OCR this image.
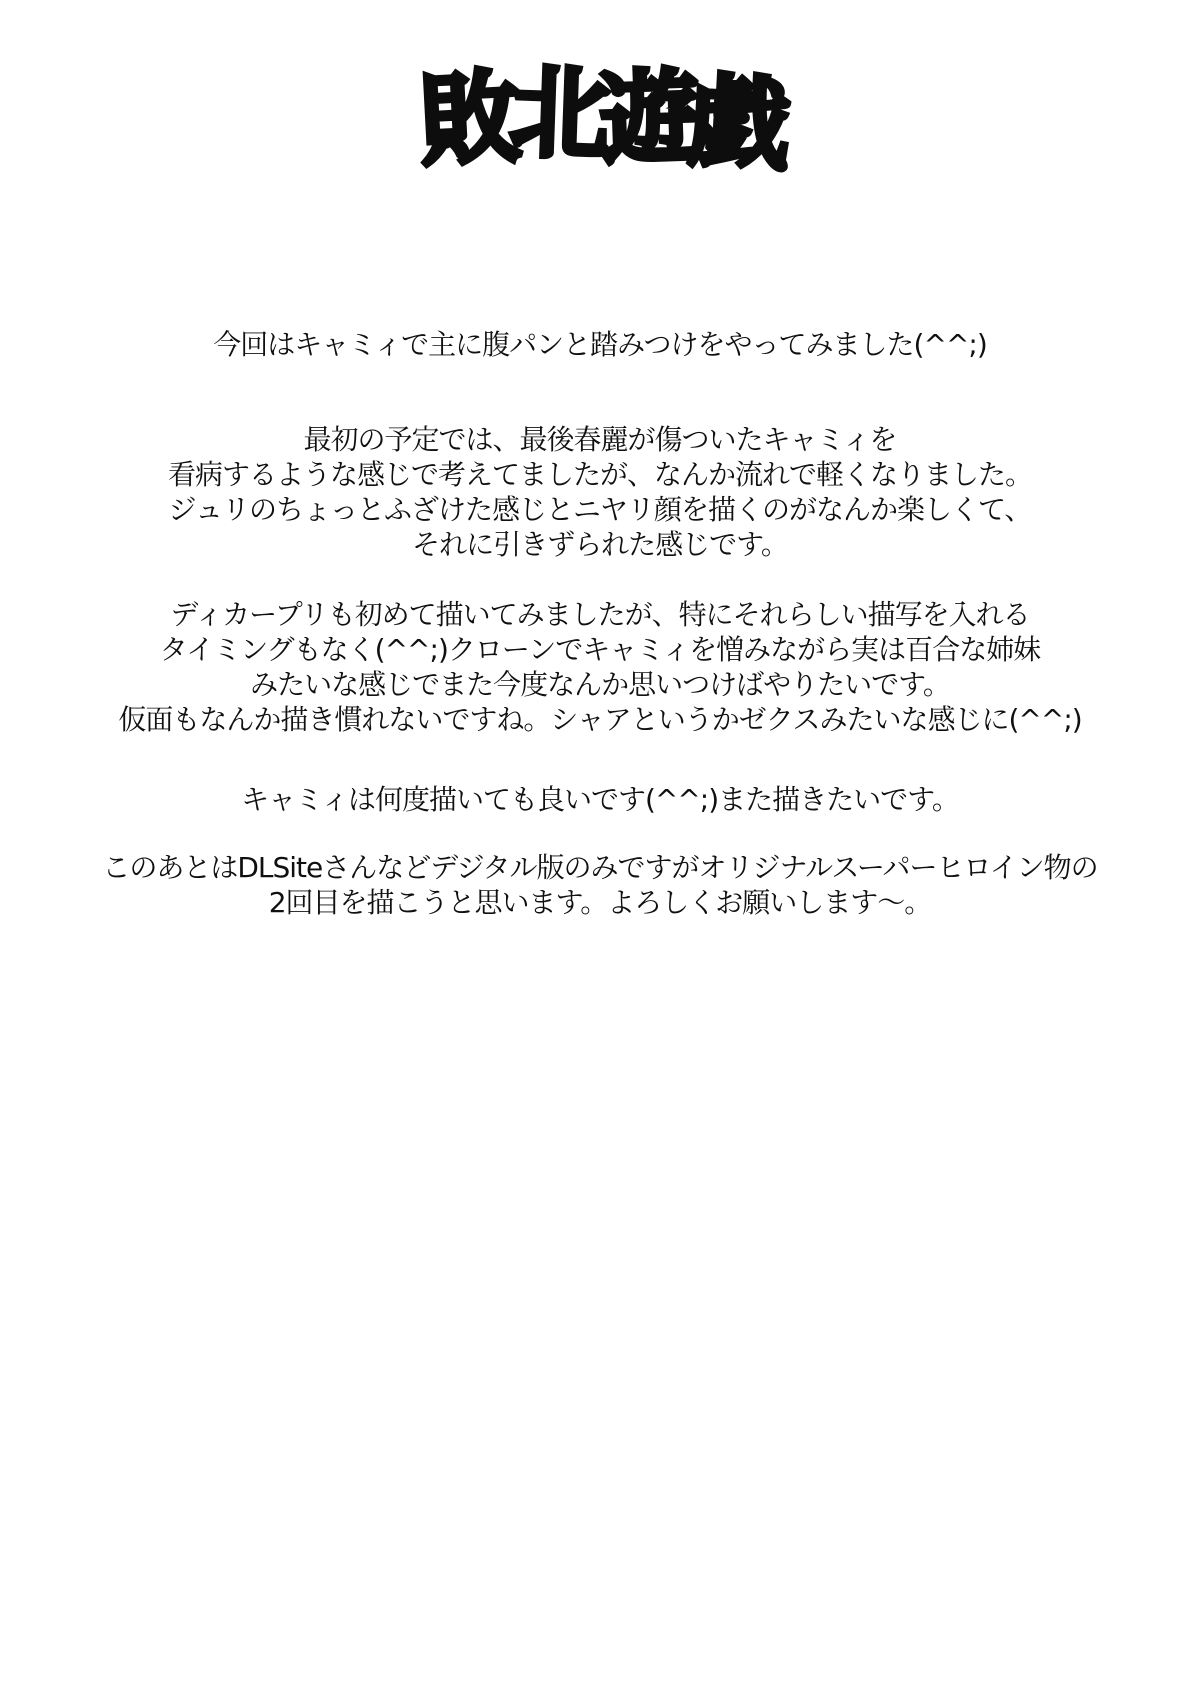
敗北遊戯

今回はキャミィで主に腹パンと踏みつけをやってみました(^^;)

最初の予定では、最後春麗が傷ついたキャミィを
看病するような感じで考えてましたが、なんか流れで軽くなりました。
ジュリのちょっとふざけた感じとニヤリ顔を描くのがなんか楽しくて、
それに引きずられた感じです。

ディカープリも初めて描いてみましたが、特にそれらしい描写を入れる
タイミングもなく(^^;)クローンでキャミィを憎みながら実は百合な姉妹
みたいな感じでまた今度なんか思いつけばやりたいです。
仮面もなんか描き慣れないですね。シャアというかゼクスみたいな感じに(^^;)

キャミィは何度描いても良いです(^^;)また描きたいです。

このあとはDLSiteさんなどデジタル版のみですがオリジナルスーパーヒロイン物の
2回目を描こうと思います。よろしくお願いします～。
